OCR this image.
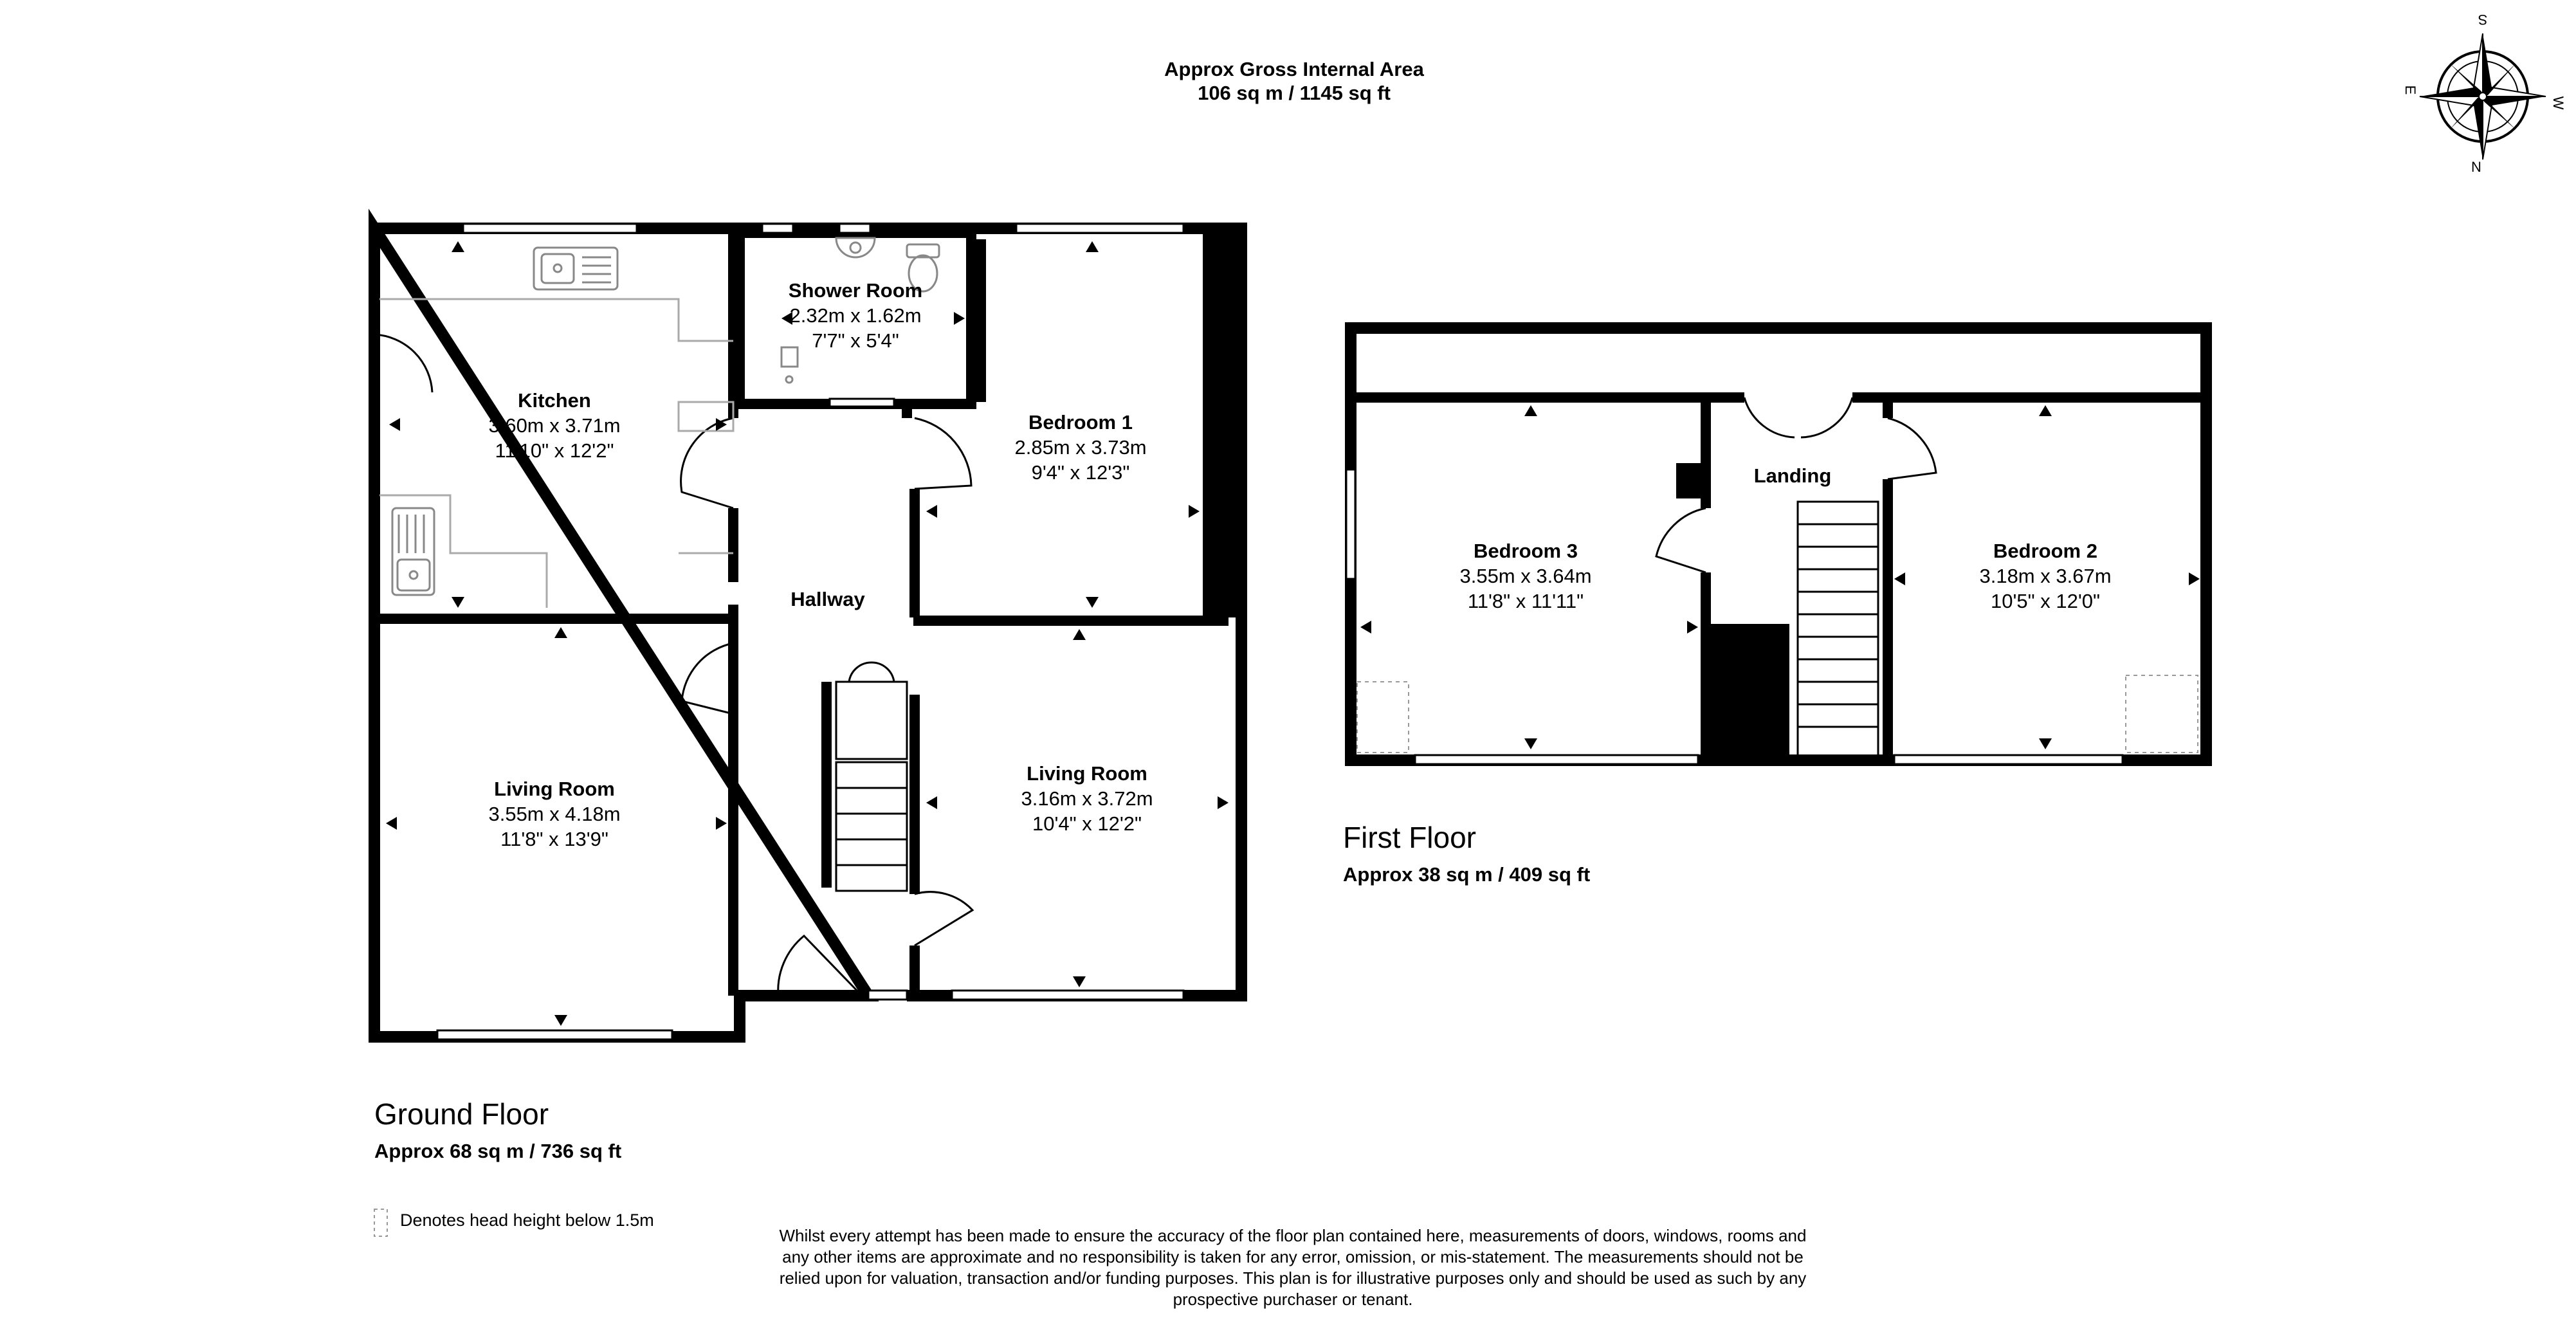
Approx Gross Internal Area
106 sq m / 1145 sq ft
S
N
E
W
Kitchen
3.60m x 3.71m
11'10" x 12'2"
Shower Room
2.32m x 1.62m
7'7" x 5'4"
Bedroom 1
2.85m x 3.73m
9'4" x 12'3"
Hallway
Living Room
3.55m x 4.18m
11'8" x 13'9"
Living Room
3.16m x 3.72m
10'4" x 12'2"
Ground Floor
Approx 68 sq m / 736 sq ft
Landing
Bedroom 3
3.55m x 3.64m
11'8" x 11'11"
Bedroom 2
3.18m x 3.67m
10'5" x 12'0"
First Floor
Approx 38 sq m / 409 sq ft
Denotes head height below 1.5m
Whilst every attempt has been made to ensure the accuracy of the floor plan contained here, measurements of doors, windows, rooms and
any other items are approximate and no responsibility is taken for any error, omission, or mis-statement. The measurements should not be
relied upon for valuation, transaction and/or funding purposes. This plan is for illustrative purposes only and should be used as such by any
prospective purchaser or tenant.
